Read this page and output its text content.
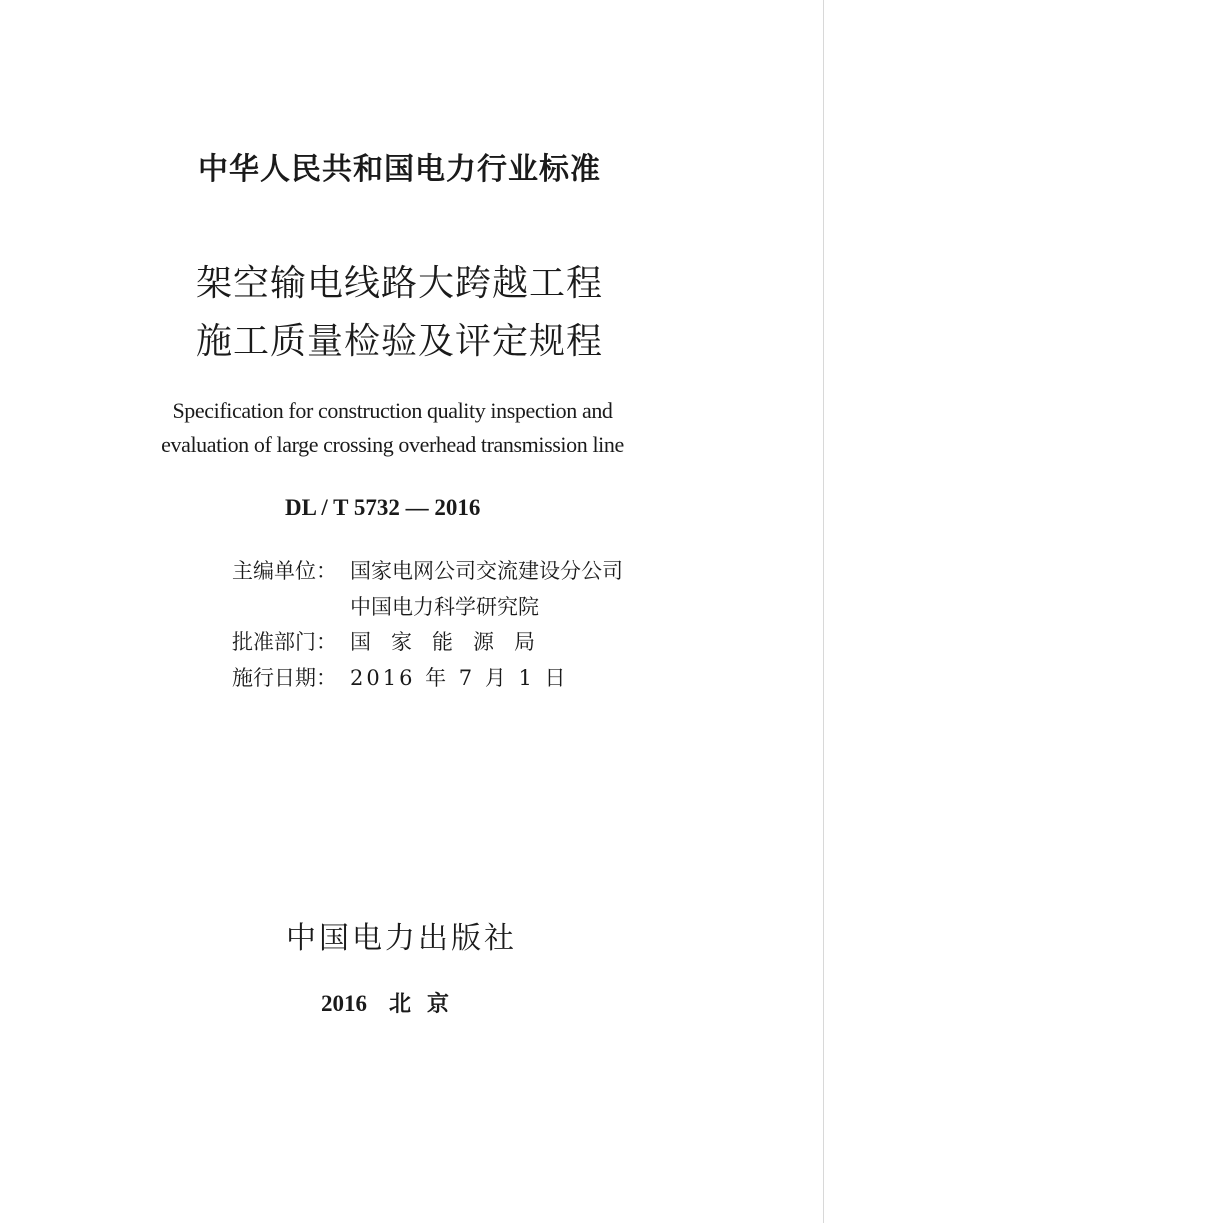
中华人民共和国电力行业标准
架空输电线路大跨越工程
施工质量检验及评定规程
Specification for construction quality inspection and
evaluation of large crossing overhead transmission line
DL / T 5732 — 2016
主编单位： 国家电网公司交流建设分公司
中国电力科学研究院
批准部门： 国家能源局
施行日期： 2016 年 7 月 1 日
中国电力出版社
2016 北京
